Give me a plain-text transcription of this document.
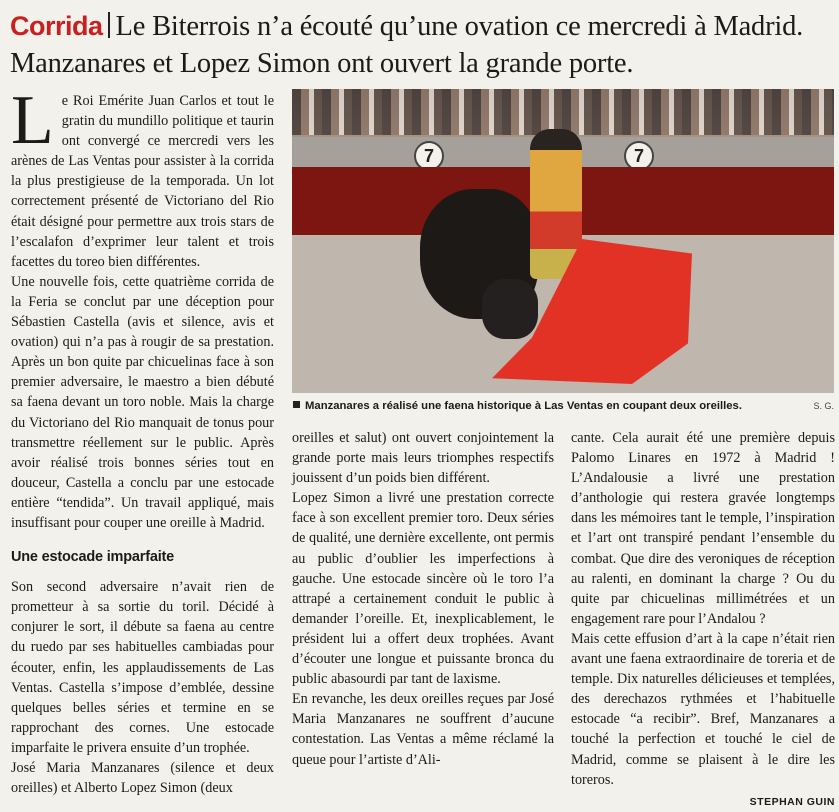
Corrida Le Biterrois n’a écouté qu’une ovation ce mercredi à Madrid. Manzanares et Lopez Simon ont ouvert la grande porte.
L e Roi Emérite Juan Carlos et tout le gratin du mundillo politique et taurin ont convergé ce mercredi vers les arènes de Las Ventas pour assister à la corrida la plus prestigieuse de la temporada. Un lot correctement présenté de Victoriano del Rio était désigné pour permettre aux trois stars de l’escalafon d’exprimer leur talent et trois facettes du toreo bien différentes.

Une nouvelle fois, cette quatrième corrida de la Feria se conclut par une déception pour Sébastien Castella (avis et silence, avis et ovation) qui n’a pas à rougir de sa prestation. Après un bon quite par chicuelinas face à son premier adversaire, le maestro a bien débuté sa faena devant un toro noble. Mais la charge du Victoriano del Rio manquait de tonus pour transmettre réellement sur le public. Après avoir réalisé trois bonnes séries tout en douceur, Castella a conclu par une estocade entière “tendida”. Un travail appliqué, mais insuffisant pour couper une oreille à Madrid.

Une estocade imparfaite

Son second adversaire n’avait rien de prometteur à sa sortie du toril. Décidé à conjurer le sort, il débute sa faena au centre du ruedo par ses habituelles cambiadas pour écouter, enfin, les applaudissements de Las Ventas. Castella s’impose d’emblée, dessine quelques belles séries et termine en se rapprochant des cornes. Une estocade imparfaite le privera ensuite d’un trophée.

José Maria Manzanares (silence et deux oreilles) et Alberto Lopez Simon (deux

7	7
Manzanares a réalisé une faena historique à Las Ventas en coupant deux oreilles.	S. G.

oreilles et salut) ont ouvert conjointement la grande porte mais leurs triomphes respectifs jouissent d’un poids bien différent.

Lopez Simon a livré une prestation correcte face à son excellent premier toro. Deux séries de qualité, une dernière excellente, ont permis au public d’oublier les imperfections à gauche. Une estocade sincère où le toro l’a attrapé a certainement conduit le public à demander l’oreille. Et, inexplicablement, le président lui a offert deux trophées. Avant d’écouter une longue et puissante bronca du public abasourdi par tant de laxisme.

En revanche, les deux oreilles reçues par José Maria Manzanares ne souffrent d’aucune contestation. Las Ventas a même réclamé la queue pour l’artiste d’Ali-

cante. Cela aurait été une première depuis Palomo Linares en 1972 à Madrid ! L’Andalousie a livré une prestation d’anthologie qui restera gravée longtemps dans les mémoires tant le temple, l’inspiration et l’art ont transpiré pendant l’ensemble du combat. Que dire des veroniques de réception au ralenti, en dominant la charge ? Ou du quite par chicuelinas millimétrées et un engagement rare pour l’Andalou ?

Mais cette effusion d’art à la cape n’était rien avant une faena extraordinaire de toreria et de temple. Dix naturelles délicieuses et templées, des derechazos rythmées et l’habituelle estocade “a recibir”. Bref, Manzanares a touché la perfection et touché le ciel de Madrid, comme se plaisent à le dire les toreros.

STEPHAN GUIN
